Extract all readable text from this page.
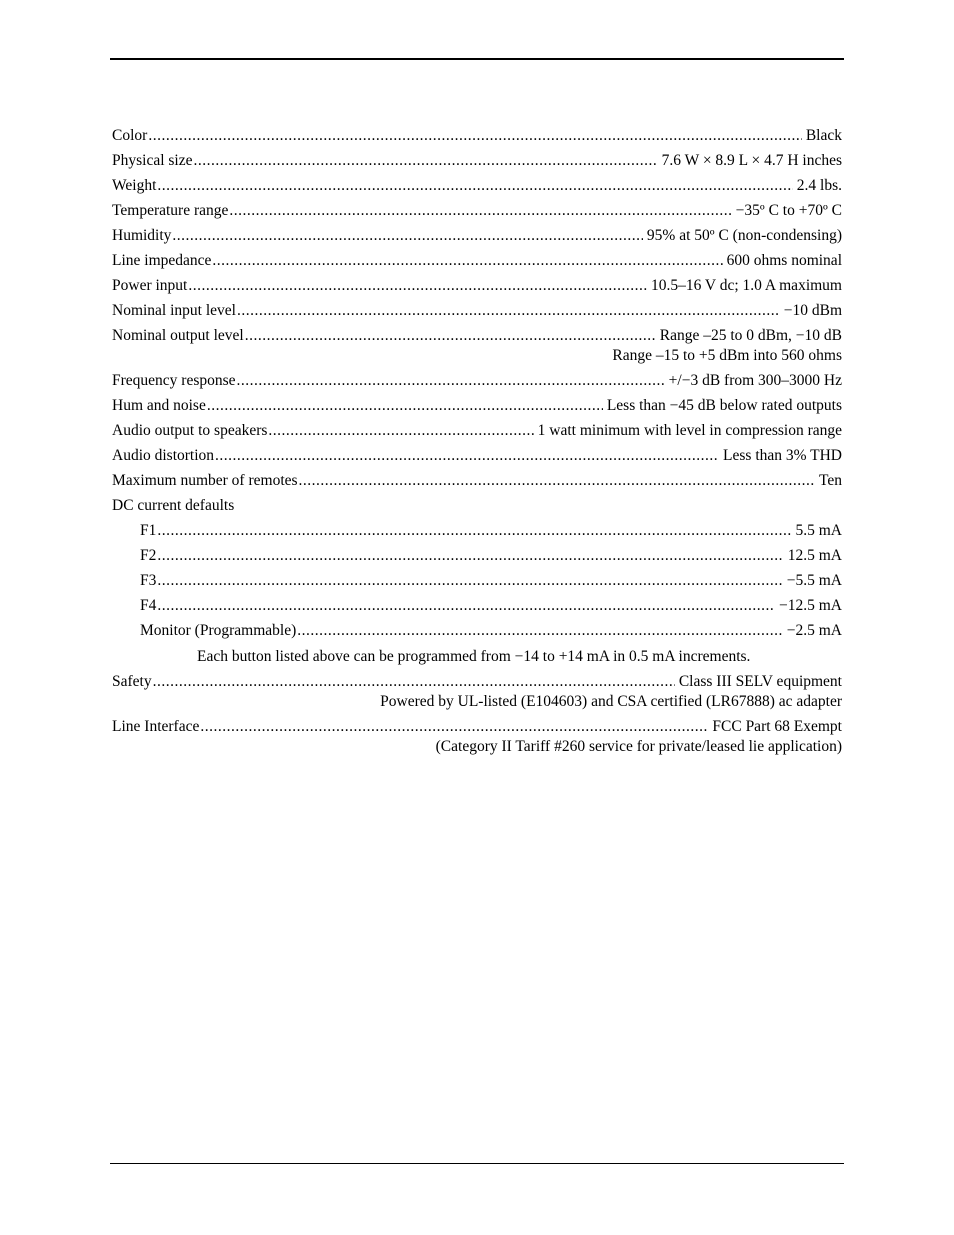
Color .....	Black
Physical size .....	7.6 W × 8.9 L × 4.7 H inches
Weight .....	2.4 lbs.
Temperature range .....	−35º C to +70º C
Humidity .....	95% at 50º C (non-condensing)
Line impedance .....	600 ohms nominal
Power input .....	10.5–16 V dc; 1.0 A maximum
Nominal input level .....	−10 dBm
Nominal output level .....	Range –25 to 0 dBm, −10 dB
Range –15 to +5 dBm into 560 ohms
Frequency response .....	+/−3 dB from 300–3000 Hz
Hum and noise .....	Less than −45 dB below rated outputs
Audio output to speakers .....	1 watt minimum with level in compression range
Audio distortion .....	Less than 3% THD
Maximum number of remotes .....	Ten
DC current defaults
F1 .....	5.5 mA
F2 .....	12.5 mA
F3 .....	−5.5 mA
F4 .....	−12.5 mA
Monitor (Programmable) .....	−2.5 mA
Each button listed above can be programmed from −14 to +14 mA in 0.5 mA increments.
Safety .....	Class III SELV equipment
Powered by UL-listed (E104603) and CSA certified (LR67888) ac adapter
Line Interface .....	FCC Part 68 Exempt
(Category II Tariff #260 service for private/leased lie application)
